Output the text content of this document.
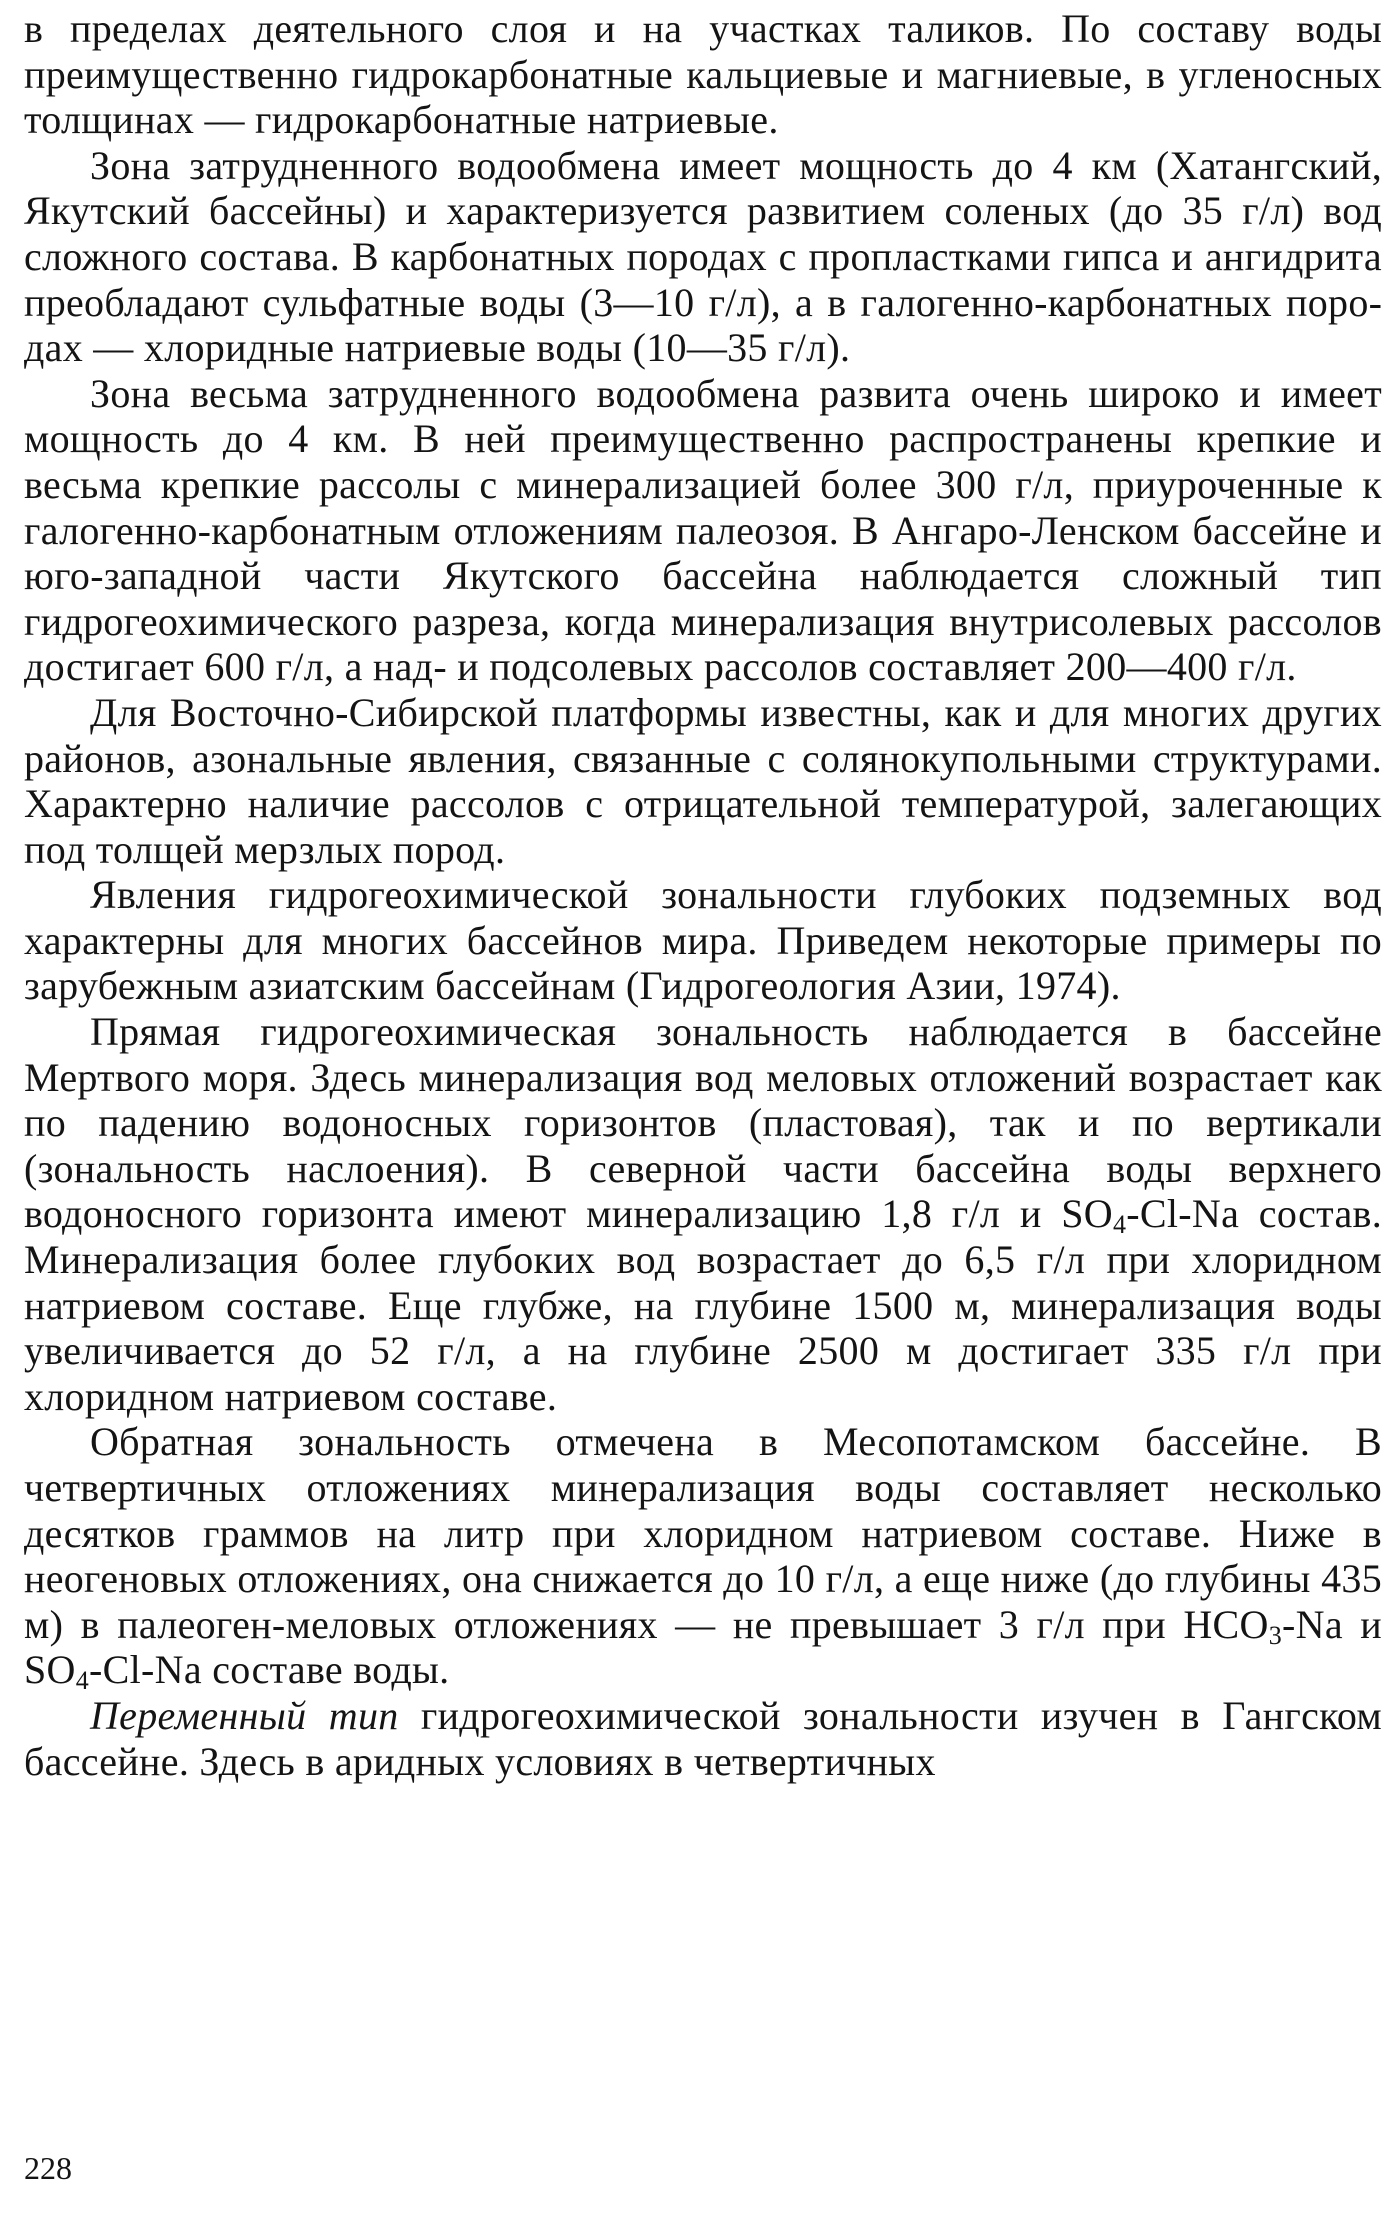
в пределах деятельного слоя и на участках таликов. По составу воды преимущественно гидрокарбонатные кальциевые и магниевые, в угленосных толщинах — гидрокарбонатные натриевые.

Зона затрудненного водообмена имеет мощность до 4 км (Хатангский, Якутский бассейны) и характеризуется развитием соленых (до 35 г/л) вод сложного состава. В карбонатных породах с пропластками гипса и ангидрита преобладают сульфатные воды (3—10 г/л), а в галогенно-карбонатных породах — хлоридные натриевые воды (10—35 г/л).

Зона весьма затрудненного водообмена развита очень широко и имеет мощность до 4 км. В ней преимущественно распространены крепкие и весьма крепкие рассолы с минерализацией более 300 г/л, приуроченные к галогенно-карбонатным отложениям палеозоя. В Ангаро-Ленском бассейне и юго-западной части Якутского бассейна наблюдается сложный тип гидрогеохимического разреза, когда минерализация внутрисолевых рассолов достигает 600 г/л, а над- и подсолевых рассолов составляет 200—400 г/л.

Для Восточно-Сибирской платформы известны, как и для многих других районов, азональные явления, связанные с солянокупольными структурами. Характерно наличие рассолов с отрицательной температурой, залегающих под толщей мерзлых пород.

Явления гидрогеохимической зональности глубоких подземных вод характерны для многих бассейнов мира. Приведем некоторые примеры по зарубежным азиатским бассейнам (Гидрогеология Азии, 1974).

Прямая гидрогеохимическая зональность наблюдается в бассейне Мертвого моря. Здесь минерализация вод меловых отложений возрастает как по падению водоносных горизонтов (пластовая), так и по вертикали (зональность наслоения). В северной части бассейна воды верхнего водоносного горизонта имеют минерализацию 1,8 г/л и $SO_4-Cl-Na$ состав. Минерализация более глубоких вод возрастает до 6,5 г/л при хлоридном натриевом составе. Еще глубже, на глубине 1500 м, минерализация воды увеличивается до 52 г/л, а на глубине 2500 м достигает 335 г/л при хлоридном натриевом составе.

Обратная зональность отмечена в Месопотамском бассейне. В четвертичных отложениях минерализация воды составляет несколько десятков граммов на литр при хлоридном натриевом составе. Ниже в неогеновых отложениях, она снижается до 10 г/л, а еще ниже (до глубины 435 м) в палеоген-меловых отложениях — не превышает 3 г/л при $HCO_3-Na$ и $SO_4-Cl-Na$ составе воды.

Переменный тип гидрогеохимической зональности изучен в Гангском бассейне. Здесь в аридных условиях в четвертичных

228
